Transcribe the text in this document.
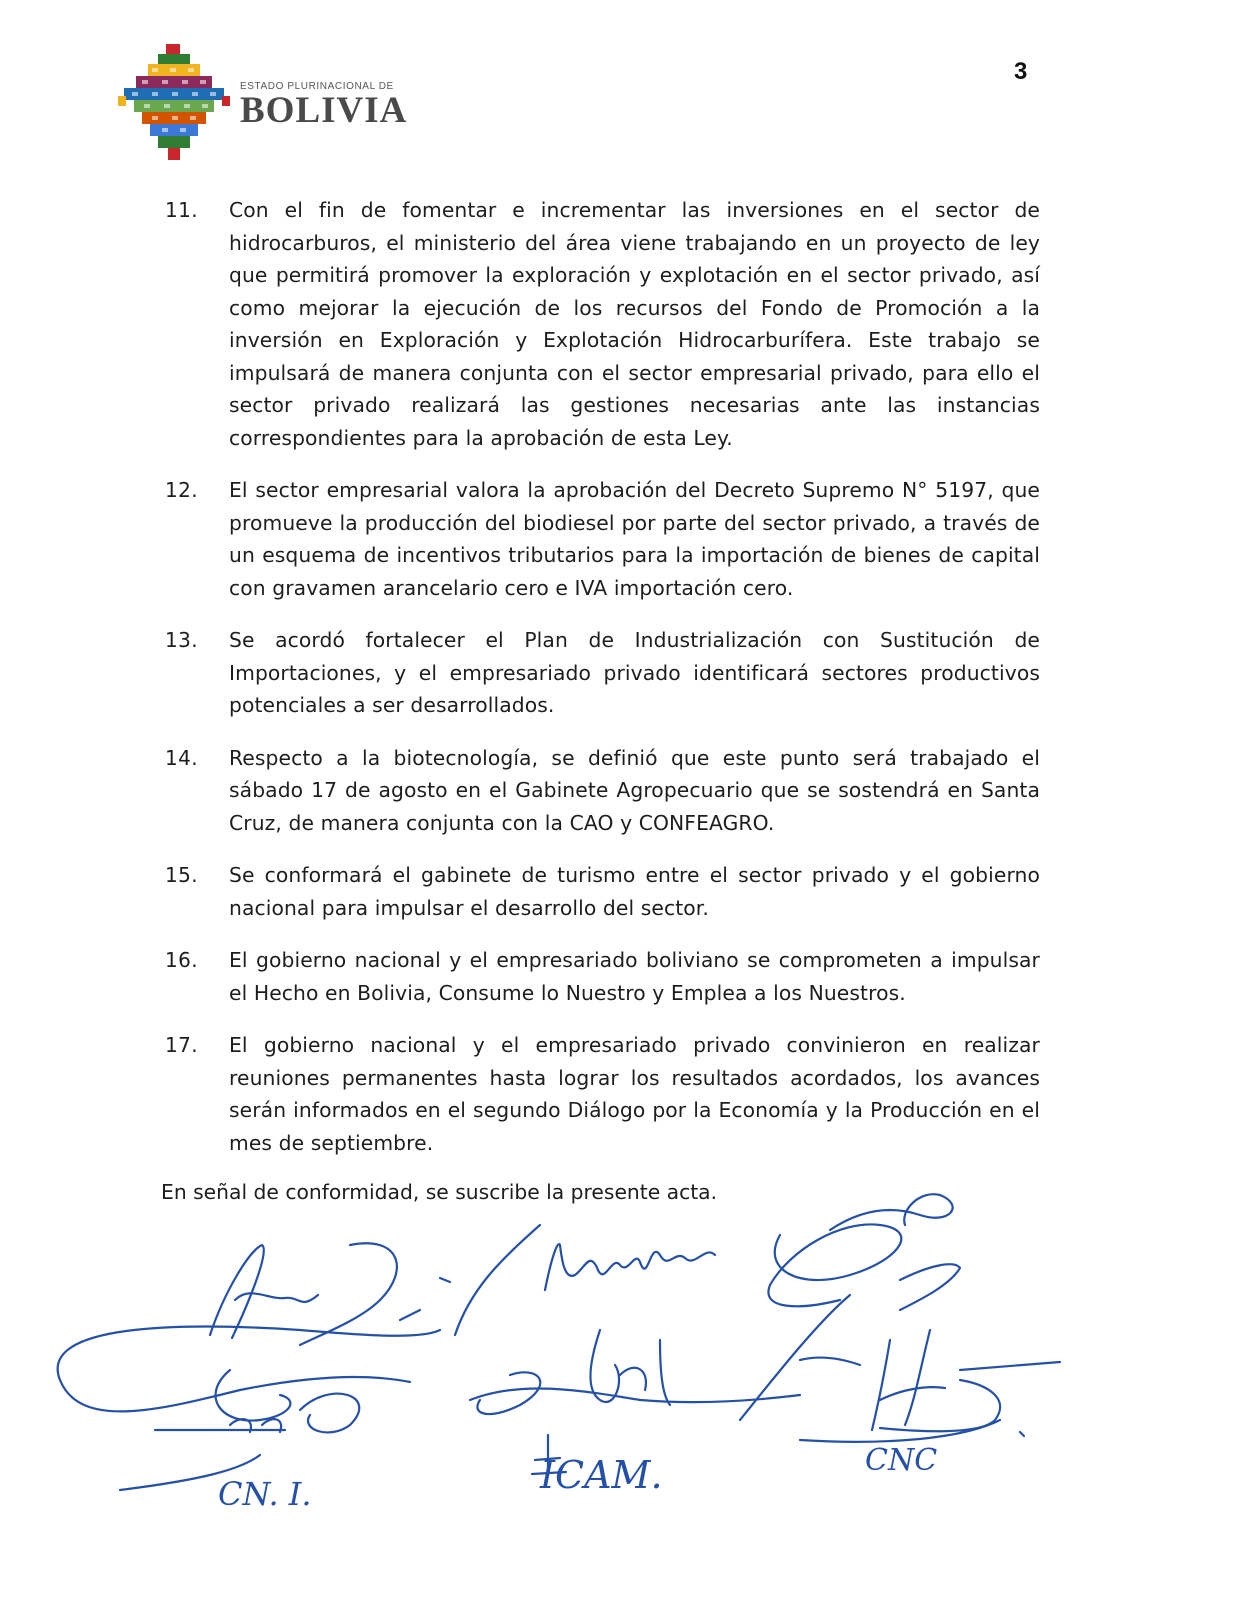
ESTADO PLURINACIONAL DE
BOLIVIA
3
11.	Con el fin de fomentar e incrementar las inversiones en el sector de hidrocarburos, el ministerio del área viene trabajando en un proyecto de ley que permitirá promover la exploración y explotación en el sector privado, así como mejorar la ejecución de los recursos del Fondo de Promoción a la inversión en Exploración y Explotación Hidrocarburífera. Este trabajo se impulsará de manera conjunta con el sector empresarial privado, para ello el sector privado realizará las gestiones necesarias ante las instancias correspondientes para la aprobación de esta Ley.
12.	El sector empresarial valora la aprobación del Decreto Supremo N° 5197, que promueve la producción del biodiesel por parte del sector privado, a través de un esquema de incentivos tributarios para la importación de bienes de capital con gravamen arancelario cero e IVA importación cero.
13.	Se acordó fortalecer el Plan de Industrialización con Sustitución de Importaciones, y el empresariado privado identificará sectores productivos potenciales a ser desarrollados.
14.	Respecto a la biotecnología, se definió que este punto será trabajado el sábado 17 de agosto en el Gabinete Agropecuario que se sostendrá en Santa Cruz, de manera conjunta con la CAO y CONFEAGRO.
15.	Se conformará el gabinete de turismo entre el sector privado y el gobierno nacional para impulsar el desarrollo del sector.
16.	El gobierno nacional y el empresariado boliviano se comprometen a impulsar el Hecho en Bolivia, Consume lo Nuestro y Emplea a los Nuestros.
17.	El gobierno nacional y el empresariado privado convinieron en realizar reuniones permanentes hasta lograr los resultados acordados, los avances serán informados en el segundo Diálogo por la Economía y la Producción en el mes de septiembre.
En señal de conformidad, se suscribe la presente acta.
CN. I.	ICAM.	CNC
